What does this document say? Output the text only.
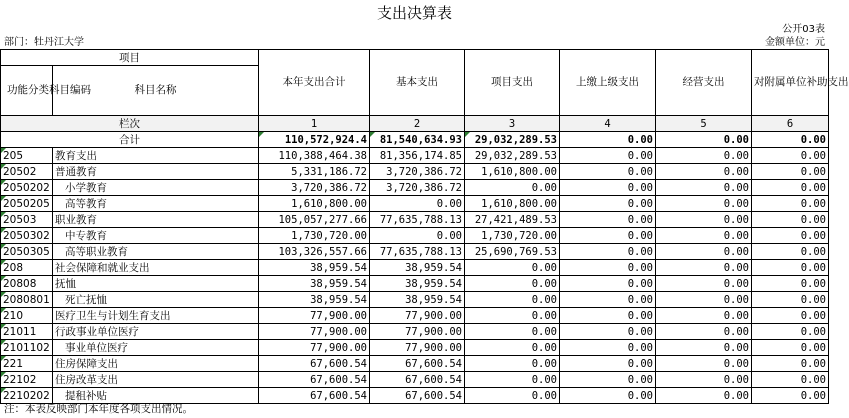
支出决算表
部门：牡丹江大学
公开03表
金额单位：元
项目		本年支出合计	基本支出	项目支出	上缴上级支出	经营支出	对附属单位补助支出
功能分类科目编码	科目名称						
栏次		1	2	3	4	5	6
合计		110,572,924.4	81,540,634.93	29,032,289.53	0.00	0.00	0.00
205	教育支出	110,388,464.38	81,356,174.85	29,032,289.53	0.00	0.00	0.00
20502	普通教育	5,331,186.72	3,720,386.72	1,610,800.00	0.00	0.00	0.00
2050202	小学教育	3,720,386.72	3,720,386.72	0.00	0.00	0.00	0.00
2050205	高等教育	1,610,800.00	0.00	1,610,800.00	0.00	0.00	0.00
20503	职业教育	105,057,277.66	77,635,788.13	27,421,489.53	0.00	0.00	0.00
2050302	中专教育	1,730,720.00	0.00	1,730,720.00	0.00	0.00	0.00
2050305	高等职业教育	103,326,557.66	77,635,788.13	25,690,769.53	0.00	0.00	0.00
208	社会保障和就业支出	38,959.54	38,959.54	0.00	0.00	0.00	0.00
20808	抚恤	38,959.54	38,959.54	0.00	0.00	0.00	0.00
2080801	死亡抚恤	38,959.54	38,959.54	0.00	0.00	0.00	0.00
210	医疗卫生与计划生育支出	77,900.00	77,900.00	0.00	0.00	0.00	0.00
21011	行政事业单位医疗	77,900.00	77,900.00	0.00	0.00	0.00	0.00
2101102	事业单位医疗	77,900.00	77,900.00	0.00	0.00	0.00	0.00
221	住房保障支出	67,600.54	67,600.54	0.00	0.00	0.00	0.00
22102	住房改革支出	67,600.54	67,600.54	0.00	0.00	0.00	0.00
2210202	提租补贴	67,600.54	67,600.54	0.00	0.00	0.00	0.00
注：本表反映部门本年度各项支出情况。
